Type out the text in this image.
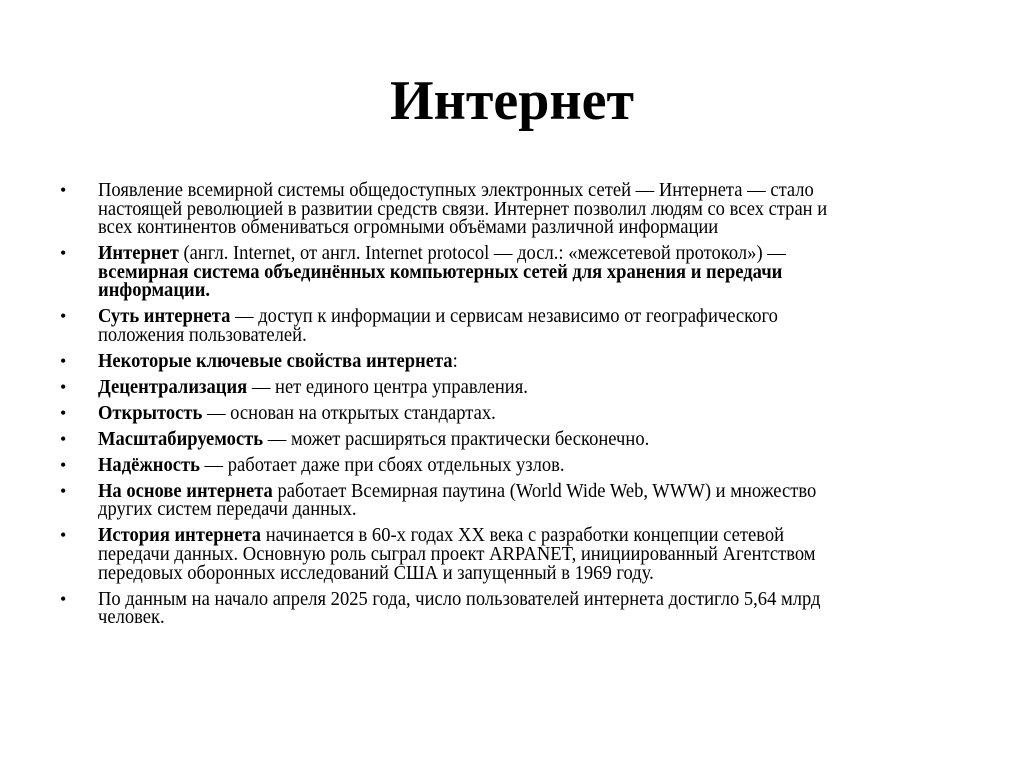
Интернет
• Появление всемирной системы общедоступных электронных сетей — Интернета — стало
настоящей революцией в развитии средств связи. Интернет позволил людям со всех стран и
всех континентов обмениваться огромными объёмами различной информации
• Интернет (англ. Internet, от англ. Internet protocol — досл.: «межсетевой протокол») —
всемирная система объединённых компьютерных сетей для хранения и передачи
информации.
• Суть интернета — доступ к информации и сервисам независимо от географического
положения пользователей.
• Некоторые ключевые свойства интернета:
• Децентрализация — нет единого центра управления.
• Открытость — основан на открытых стандартах.
• Масштабируемость — может расширяться практически бесконечно.
• Надёжность — работает даже при сбоях отдельных узлов.
• На основе интернета работает Всемирная паутина (World Wide Web, WWW) и множество
других систем передачи данных.
• История интернета начинается в 60-х годах XX века с разработки концепции сетевой
передачи данных. Основную роль сыграл проект ARPANET, инициированный Агентством
передовых оборонных исследований США и запущенный в 1969 году.
• По данным на начало апреля 2025 года, число пользователей интернета достигло 5,64 млрд
человек.
